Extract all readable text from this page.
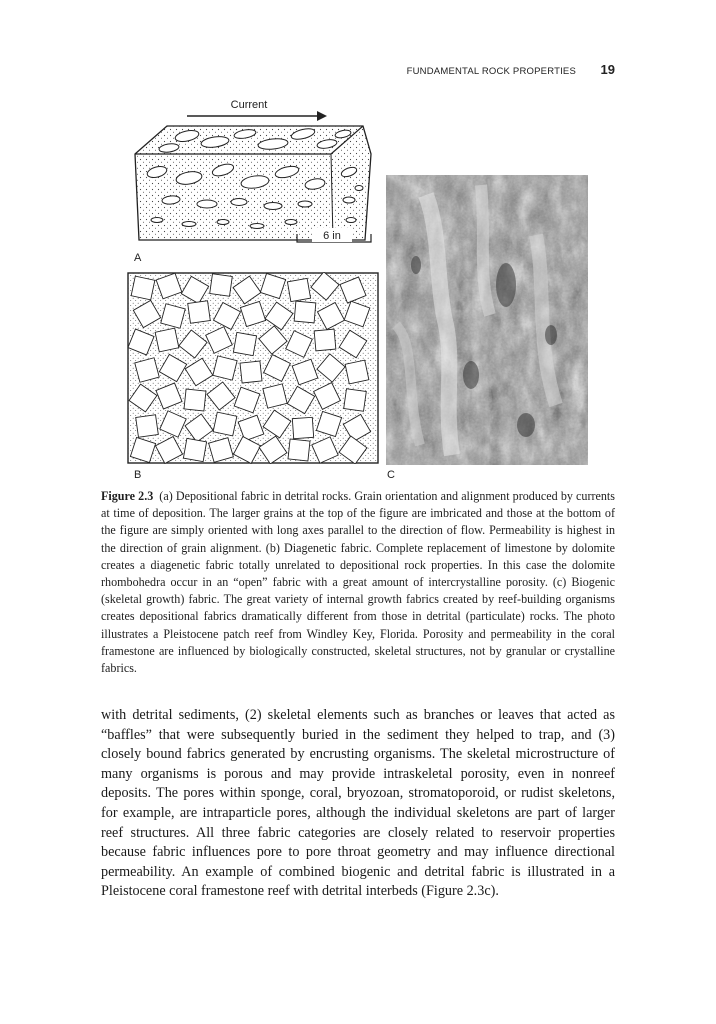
FUNDAMENTAL ROCK PROPERTIES 19
Current
6 in
A
B	C
Figure 2.3 (a) Depositional fabric in detrital rocks. Grain orientation and alignment produced by currents at time of deposition. The larger grains at the top of the figure are imbricated and those at the bottom of the figure are simply oriented with long axes parallel to the direction of flow. Permeability is highest in the direction of grain alignment. (b) Diagenetic fabric. Complete replacement of limestone by dolomite creates a diagenetic fabric totally unrelated to depositional rock properties. In this case the dolomite rhombohedra occur in an “open” fabric with a great amount of intercrystalline porosity. (c) Biogenic (skeletal growth) fabric. The great variety of internal growth fabrics created by reef-building organisms creates depositional fabrics dramatically different from those in detrital (particulate) rocks. The photo illustrates a Pleistocene patch reef from Windley Key, Florida. Porosity and permeability in the coral framestone are influenced by biologically constructed, skeletal structures, not by granular or crystalline fabrics.
with detrital sediments, (2) skeletal elements such as branches or leaves that acted as “baffles” that were subsequently buried in the sediment they helped to trap, and (3) closely bound fabrics generated by encrusting organisms. The skeletal microstructure of many organisms is porous and may provide intraskeletal porosity, even in nonreef deposits. The pores within sponge, coral, bryozoan, stromatoporoid, or rudist skeletons, for example, are intraparticle pores, although the individual skeletons are part of larger reef structures. All three fabric categories are closely related to reservoir properties because fabric influences pore to pore throat geometry and may influence directional permeability. An example of combined biogenic and detrital fabric is illustrated in a Pleistocene coral framestone reef with detrital interbeds (Figure 2.3c).
